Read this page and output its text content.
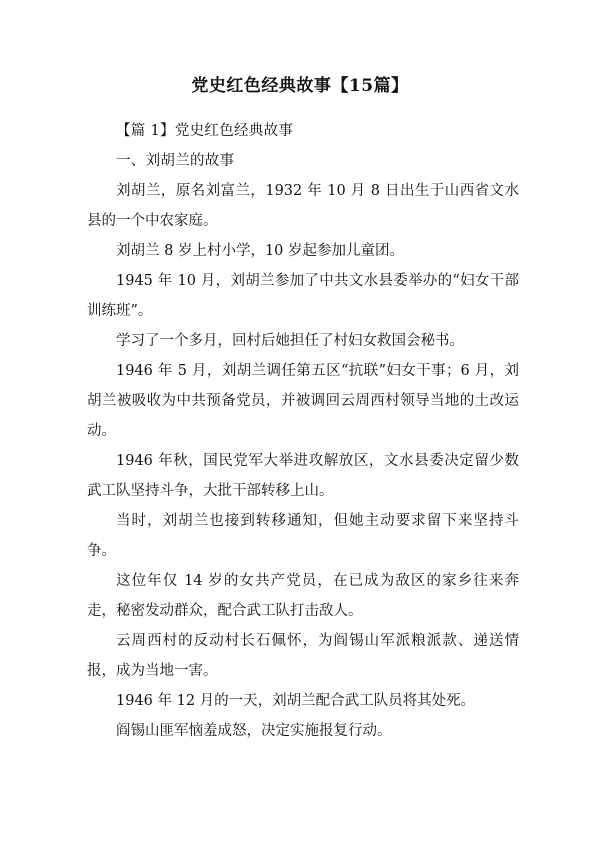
党史红色经典故事【15篇】

【篇 1】党史红色经典故事

一、刘胡兰的故事

刘胡兰，原名刘富兰，1932 年 10 月 8 日出生于山西省文水县的一个中农家庭。

刘胡兰 8 岁上村小学，10 岁起参加儿童团。

1945 年 10 月，刘胡兰参加了中共文水县委举办的“妇女干部训练班”。

学习了一个多月，回村后她担任了村妇女救国会秘书。

1946 年 5 月，刘胡兰调任第五区“抗联”妇女干事；6 月，刘胡兰被吸收为中共预备党员，并被调回云周西村领导当地的土改运动。

1946 年秋，国民党军大举进攻解放区，文水县委决定留少数武工队坚持斗争，大批干部转移上山。

当时，刘胡兰也接到转移通知，但她主动要求留下来坚持斗争。

这位年仅 14 岁的女共产党员，在已成为敌区的家乡往来奔走，秘密发动群众，配合武工队打击敌人。

云周西村的反动村长石佩怀，为阎锡山军派粮派款、递送情报，成为当地一害。

1946 年 12 月的一天，刘胡兰配合武工队员将其处死。

阎锡山匪军恼羞成怒，决定实施报复行动。
